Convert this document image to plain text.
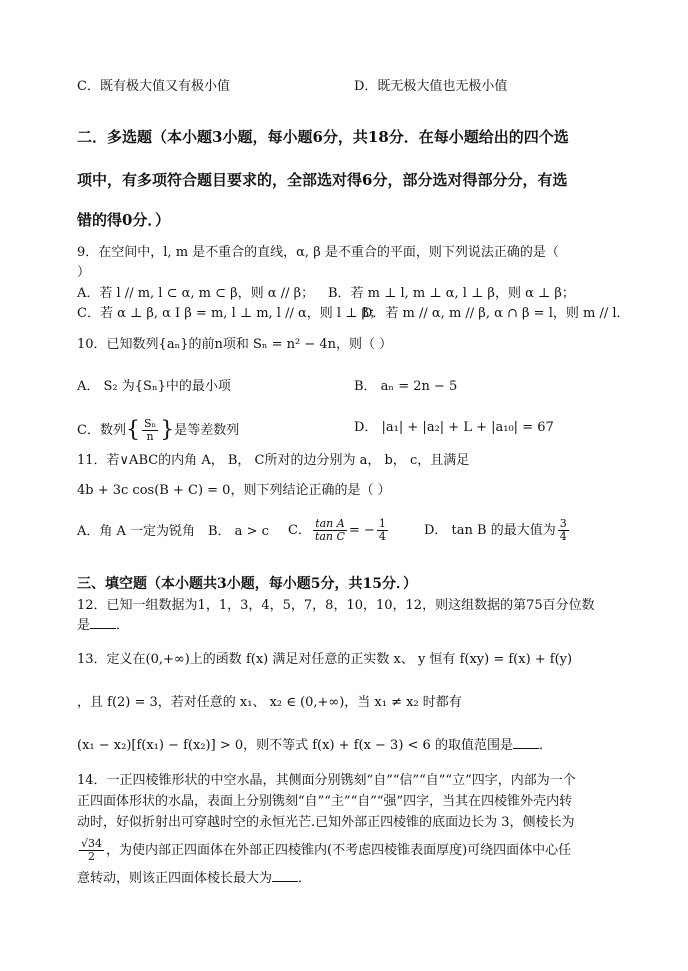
C．既有极大值又有极小值	D．既无极大值也无极小值
二．多选题（本小题3小题，每小题6分，共18分．在每小题给出的四个选
项中，有多项符合题目要求的，全部选对得6分，部分选对得部分分，有选
错的得0分．）
9．在空间中，l, m 是不重合的直线，α, β 是不重合的平面，则下列说法正确的是（
）
A．若 l // m, l ⊂ α, m ⊂ β，则 α // β； B．若 m ⊥ l, m ⊥ α, l ⊥ β，则 α ⊥ β；
C．若 α ⊥ β, α I β = m, l ⊥ m, l // α，则 l ⊥ β；
D．若 m // α, m // β, α ∩ β = l，则 m // l．
10．已知数列{aₙ}的前n项和 Sₙ = n² − 4n，则（ ）
A． S₂ 为{Sₙ}中的最小项	B． aₙ = 2n − 5
C．数列{ $\frac{\text{Sₙ}}{n}$ }是等差数列	D． |a₁| + |a₂| + L + |a₁₀| = 67
11．若∨ABC的内角 A， B， C所对的边分别为 a， b， c，且满足
4b + 3c cos(B + C) = 0，则下列结论正确的是（ ）
A．角 A 一定为锐角 B． a > c C． $\frac{\text{tan A}}{\text{tan C}}$ = − $\frac{1}{4}$	D． tan B 的最大值为 $\frac{3}{4}$
三、填空题（本小题共3小题，每小题5分，共15分．）
12．已知一组数据为1，1，3，4，5，7，8，10，10，12，则这组数据的第75百分位数
是 ．
13．定义在(0,+∞)上的函数 f(x) 满足对任意的正实数 x、 y 恒有 f(xy) = f(x) + f(y)
，且 f(2) = 3，若对任意的 x₁、 x₂ ∈ (0,+∞)，当 x₁ ≠ x₂ 时都有
(x₁ − x₂)[f(x₁) − f(x₂)] > 0，则不等式 f(x) + f(x − 3) < 6 的取值范围是 ．
14．一正四棱锥形状的中空水晶，其侧面分别镌刻“自”“信”“自”“立”四字，内部为一个
正四面体形状的水晶，表面上分别镌刻“自”“主”“自”“强”四字，当其在四棱锥外壳内转
动时，好似折射出可穿越时空的永恒光芒.已知外部正四棱锥的底面边长为 3，侧棱长为
$\frac{√34}{2}$ ，为使内部正四面体在外部正四棱锥内(不考虑四棱锥表面厚度)可绕四面体中心任
意转动，则该正四面体棱长最大为 ．
